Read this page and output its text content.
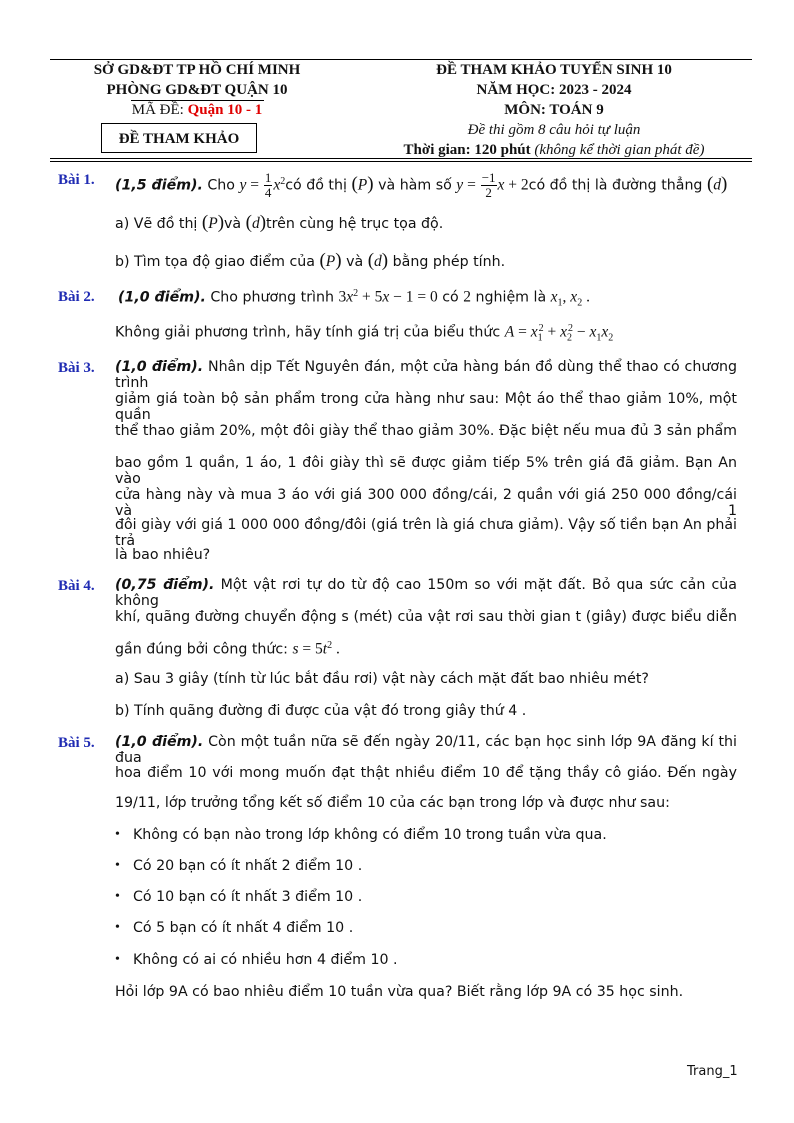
SỞ GD&ĐT TP HỒ CHÍ MINH
PHÒNG GD&ĐT QUẬN 10
MÃ ĐỀ: Quận 10 - 1
ĐỀ THAM KHẢO
ĐỀ THAM KHẢO TUYỂN SINH 10
NĂM HỌC: 2023 - 2024
MÔN: TOÁN 9
Đề thi gồm 8 câu hỏi tự luận
Thời gian: 120 phút (không kể thời gian phát đề)
Bài 1. (1,5 điểm). Cho $y = \frac{1}{4}$ $x^2có$ đồ thị (P) và hàm số $y = \frac{-1}{2}$ x + 2có đồ thị là đường thẳng (d)
a) Vẽ đồ thị (P)và (d)trên cùng hệ trục tọa độ.
b) Tìm tọa độ giao điểm của (P) và (d) bằng phép tính.
Bài 2. (1,0 điểm). Cho phương trình $3x^2 + 5x - 1 = 0$ có 2 nghiệm là $x_1$, $x_2$ .
Không giải phương trình, hãy tính giá trị của biểu thức $A = x_1^2 + x_2^2 - x_1x_2$
Bài 3. (1,0 điểm). Nhân dịp Tết Nguyên đán, một cửa hàng bán đồ dùng thể thao có chương trình
giảm giá toàn bộ sản phẩm trong cửa hàng như sau: Một áo thể thao giảm 10%, một quần
thể thao giảm 20%, một đôi giày thể thao giảm 30%. Đặc biệt nếu mua đủ 3 sản phẩm
bao gồm 1 quần, 1 áo, 1 đôi giày thì sẽ được giảm tiếp 5% trên giá đã giảm. Bạn An vào
cửa hàng này và mua 3 áo với giá 300 000 đồng/cái, 2 quần với giá 250 000 đồng/cái và 1
đôi giày với giá 1 000 000 đồng/đôi (giá trên là giá chưa giảm). Vậy số tiền bạn An phải trả
là bao nhiêu?
Bài 4. (0,75 điểm). Một vật rơi tự do từ độ cao 150m so với mặt đất. Bỏ qua sức cản của không
khí, quãng đường chuyển động s (mét) của vật rơi sau thời gian t (giây) được biểu diễn
gần đúng bởi công thức: $s = 5t^2$ .
a) Sau 3 giây (tính từ lúc bắt đầu rơi) vật này cách mặt đất bao nhiêu mét?
b) Tính quãng đường đi được của vật đó trong giây thứ 4 .
Bài 5. (1,0 điểm). Còn một tuần nữa sẽ đến ngày 20/11, các bạn học sinh lớp 9A đăng kí thi đua
hoa điểm 10 với mong muốn đạt thật nhiều điểm 10 để tặng thầy cô giáo. Đến ngày
19/11, lớp trưởng tổng kết số điểm 10 của các bạn trong lớp và được như sau:
• Không có bạn nào trong lớp không có điểm 10 trong tuần vừa qua.
• Có 20 bạn có ít nhất 2 điểm 10 .
• Có 10 bạn có ít nhất 3 điểm 10 .
• Có 5 bạn có ít nhất 4 điểm 10 .
• Không có ai có nhiều hơn 4 điểm 10 .
Hỏi lớp 9A có bao nhiêu điểm 10 tuần vừa qua? Biết rằng lớp 9A có 35 học sinh.
Trang_1
